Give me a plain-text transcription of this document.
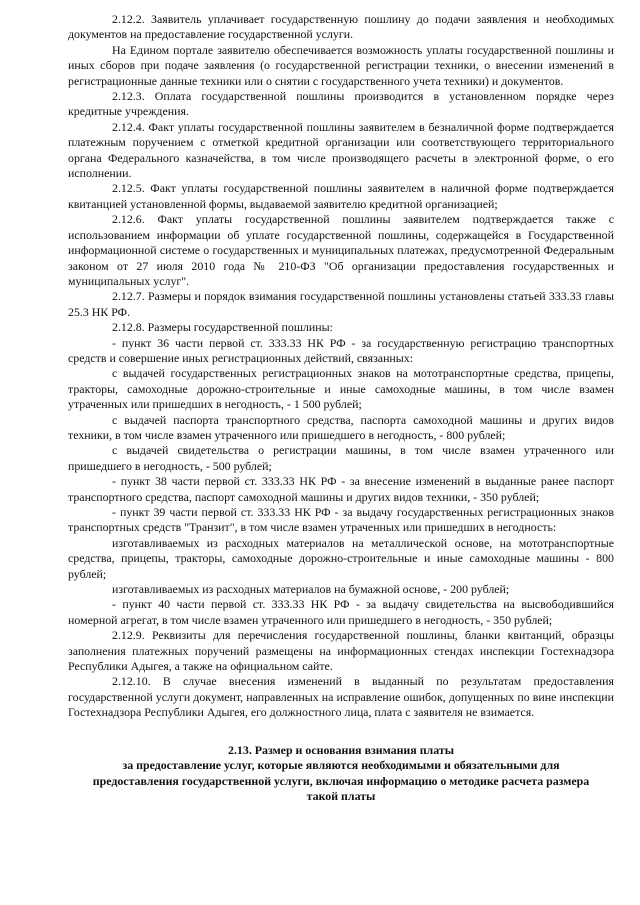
2.12.2. Заявитель уплачивает государственную пошлину до подачи заявления и необходимых документов на предоставление государственной услуги.

На Едином портале заявителю обеспечивается возможность уплаты государственной пошлины и иных сборов при подаче заявления (о государственной регистрации техники, о внесении изменений в регистрационные данные техники или о снятии с государственного учета техники) и документов.

2.12.3. Оплата государственной пошлины производится в установленном порядке через кредитные учреждения.

2.12.4. Факт уплаты государственной пошлины заявителем в безналичной форме подтверждается платежным поручением с отметкой кредитной организации или соответствующего территориального органа Федерального казначейства, в том числе производящего расчеты в электронной форме, о его исполнении.

2.12.5. Факт уплаты государственной пошлины заявителем в наличной форме подтверждается квитанцией установленной формы, выдаваемой заявителю кредитной организацией;

2.12.6. Факт уплаты государственной пошлины заявителем подтверждается также с использованием информации об уплате государственной пошлины, содержащейся в Государственной информационной системе о государственных и муниципальных платежах, предусмотренной Федеральным законом от 27 июля 2010 года № 210-ФЗ "Об организации предоставления государственных и муниципальных услуг".

2.12.7. Размеры и порядок взимания государственной пошлины установлены статьей 333.33 главы 25.3 НК РФ.

2.12.8. Размеры государственной пошлины:

- пункт 36 части первой ст. 333.33 НК РФ - за государственную регистрацию транспортных средств и совершение иных регистрационных действий, связанных:

с выдачей государственных регистрационных знаков на мототранспортные средства, прицепы, тракторы, самоходные дорожно-строительные и иные самоходные машины, в том числе взамен утраченных или пришедших в негодность, - 1 500 рублей;

с выдачей паспорта транспортного средства, паспорта самоходной машины и других видов техники, в том числе взамен утраченного или пришедшего в негодность, - 800 рублей;

с выдачей свидетельства о регистрации машины, в том числе взамен утраченного или пришедшего в негодность, - 500 рублей;

- пункт 38 части первой ст. 333.33 НК РФ - за внесение изменений в выданные ранее паспорт транспортного средства, паспорт самоходной машины и других видов техники, - 350 рублей;

- пункт 39 части первой ст. 333.33 НК РФ - за выдачу государственных регистрационных знаков транспортных средств "Транзит", в том числе взамен утраченных или пришедших в негодность:

изготавливаемых из расходных материалов на металлической основе, на мототранспортные средства, прицепы, тракторы, самоходные дорожно-строительные и иные самоходные машины - 800 рублей;

изготавливаемых из расходных материалов на бумажной основе, - 200 рублей;

- пункт 40 части первой ст. 333.33 НК РФ - за выдачу свидетельства на высвободившийся номерной агрегат, в том числе взамен утраченного или пришедшего в негодность, - 350 рублей;

2.12.9. Реквизиты для перечисления государственной пошлины, бланки квитанций, образцы заполнения платежных поручений размещены на информационных стендах инспекции Гостехнадзора Республики Адыгея, а также на официальном сайте.

2.12.10. В случае внесения изменений в выданный по результатам предоставления государственной услуги документ, направленных на исправление ошибок, допущенных по вине инспекции Гостехнадзора Республики Адыгея, его должностного лица, плата с заявителя не взимается.

2.13. Размер и основания взимания платы
за предоставление услуг, которые являются необходимыми и обязательными для
предоставления государственной услуги, включая информацию о методике расчета размера
такой платы
